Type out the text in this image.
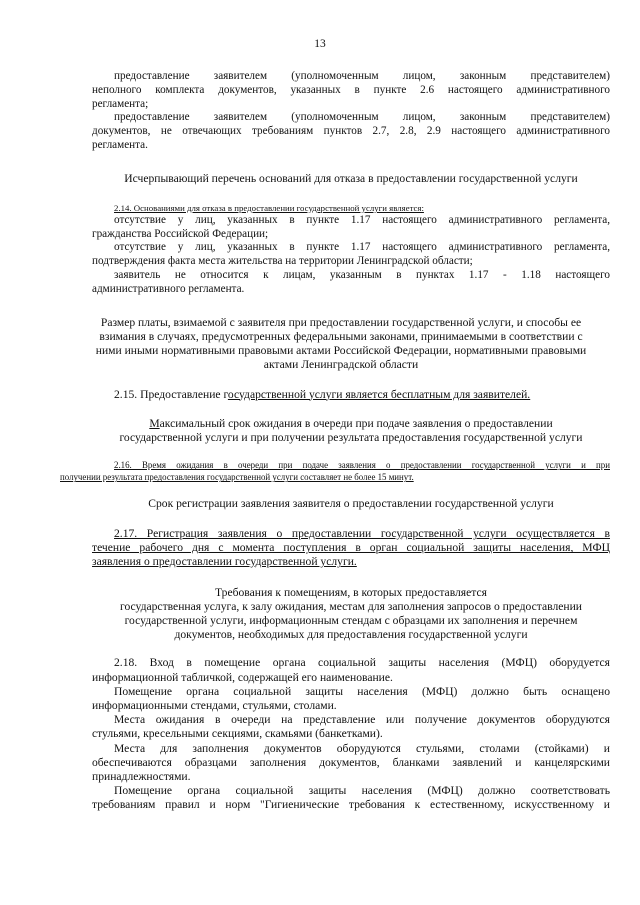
13

предоставление заявителем (уполномоченным лицом, законным представителем)
неполного комплекта документов, указанных в пункте 2.6 настоящего административного
регламента;

предоставление заявителем (уполномоченным лицом, законным представителем)
документов, не отвечающих требованиям пунктов 2.7, 2.8, 2.9 настоящего административного
регламента.

Исчерпывающий перечень оснований для отказа в предоставлении государственной услуги

2.14. Основаниями для отказа в предоставлении государственной услуги является:

отсутствие у лиц, указанных в пункте 1.17 настоящего административного регламента,
гражданства Российской Федерации;

отсутствие у лиц, указанных в пункте 1.17 настоящего административного регламента,
подтверждения факта места жительства на территории Ленинградской области;

заявитель не относится к лицам, указанным в пунктах 1.17 - 1.18 настоящего
административного регламента.

Размер платы, взимаемой с заявителя при предоставлении государственной услуги, и способы ее
взимания в случаях, предусмотренных федеральными законами, принимаемыми в соответствии с
ними иными нормативными правовыми актами Российской Федерации, нормативными правовыми
актами Ленинградской области

2.15. Предоставление государственной услуги является бесплатным для заявителей.

Максимальный срок ожидания в очереди при подаче заявления о предоставлении
государственной услуги и при получении результата предоставления государственной услуги

2.16. Время ожидания в очереди при подаче заявления о предоставлении государственной услуги и при
получении результата предоставления государственной услуги составляет не более 15 минут.

Срок регистрации заявления заявителя о предоставлении государственной услуги

2.17. Регистрация заявления о предоставлении государственной услуги осуществляется в
течение рабочего дня с момента поступления в орган социальной защиты населения, МФЦ
заявления о предоставлении государственной услуги.

Требования к помещениям, в которых предоставляется
государственная услуга, к залу ожидания, местам для заполнения запросов о предоставлении
государственной услуги, информационным стендам с образцами их заполнения и перечнем
документов, необходимых для предоставления государственной услуги

2.18. Вход в помещение органа социальной защиты населения (МФЦ) оборудуется
информационной табличкой, содержащей его наименование.

Помещение органа социальной защиты населения (МФЦ) должно быть оснащено
информационными стендами, стульями, столами.

Места ожидания в очереди на представление или получение документов оборудуются
стульями, кресельными секциями, скамьями (банкетками).

Места для заполнения документов оборудуются стульями, столами (стойками) и
обеспечиваются образцами заполнения документов, бланками заявлений и канцелярскими
принадлежностями.

Помещение органа социальной защиты населения (МФЦ) должно соответствовать
требованиям правил и норм "Гигиенические требования к естественному, искусственному и
